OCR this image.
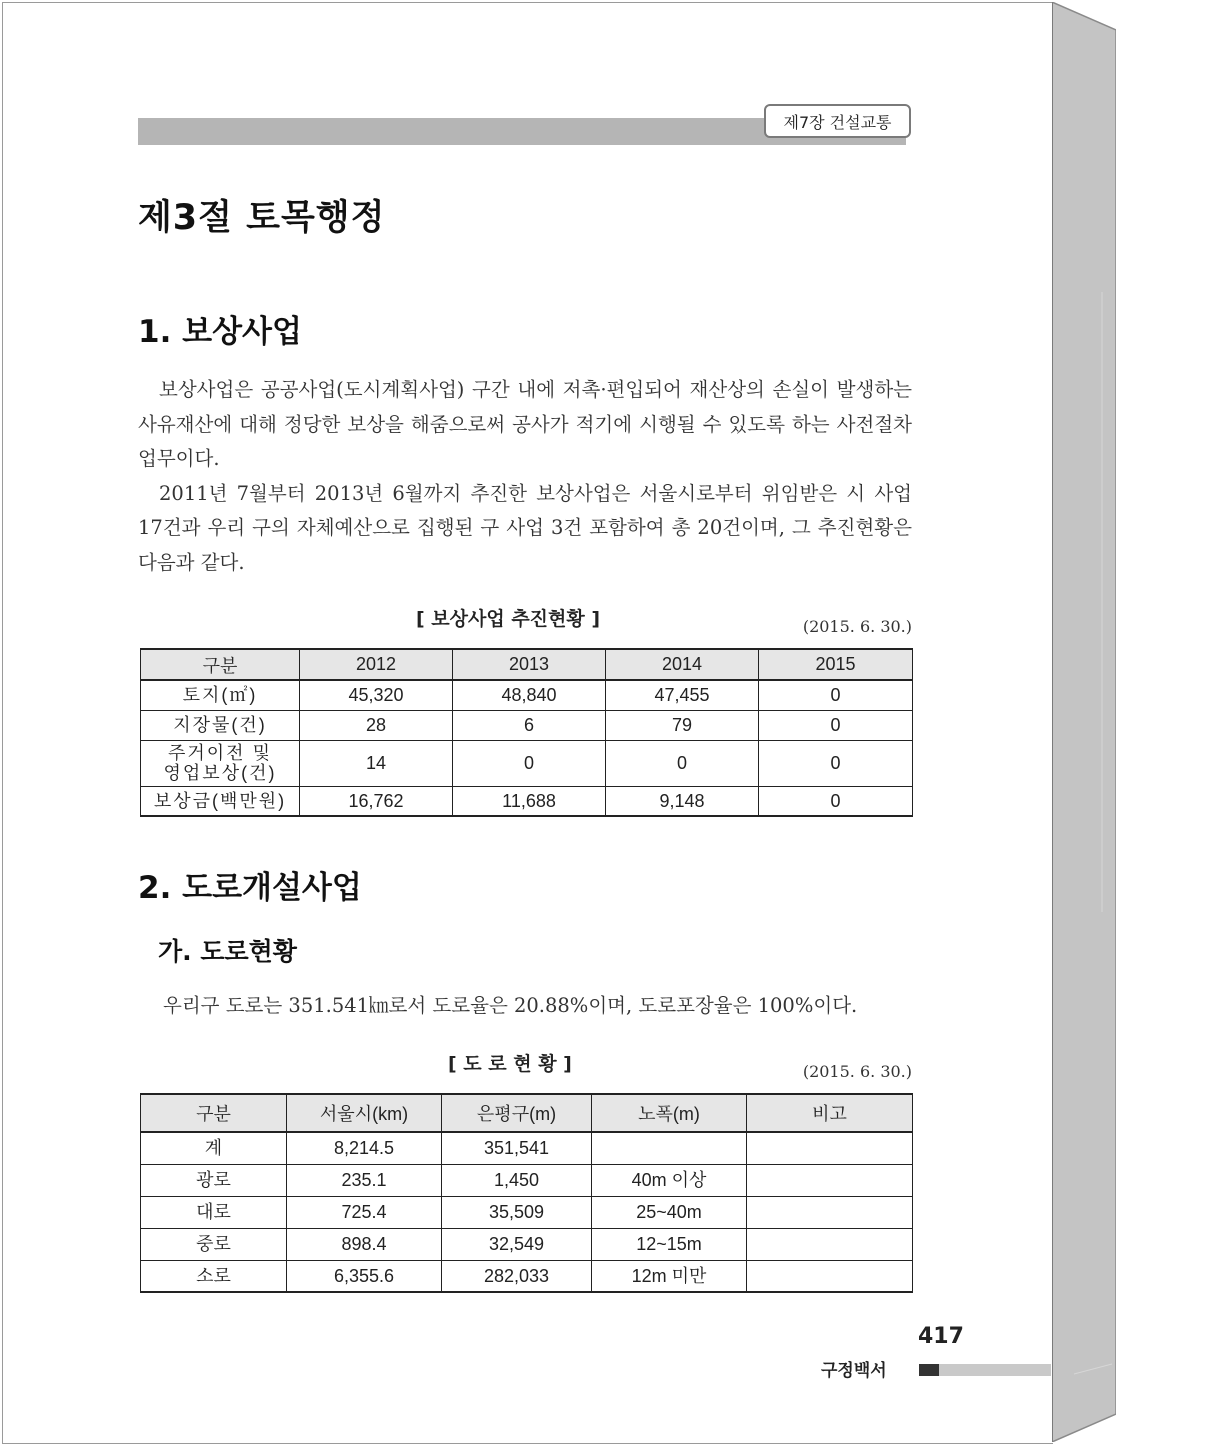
제7장 건설교통
제3절 토목행정
1. 보상사업

보상사업은 공공사업(도시계획사업) 구간 내에 저촉·편입되어 재산상의 손실이 발생하는 사유재산에 대해 정당한 보상을 해줌으로써 공사가 적기에 시행될 수 있도록 하는 사전절차 업무이다.

2011년 7월부터 2013년 6월까지 추진한 보상사업은 서울시로부터 위임받은 시 사업 17건과 우리 구의 자체예산으로 집행된 구 사업 3건 포함하여 총 20건이며, 그 추진현황은 다음과 같다.

[ 보상사업 추진현황 ]	(2015. 6. 30.)
구분	2012	2013	2014	2015
토지(㎡)	45,320	48,840	47,455	0
지장물(건)	28	6	79	0

주거이전 및
영업보상(건)	14	0	0	0
보상금(백만원)	16,762	11,688	9,148	0
2. 도로개설사업
가. 도로현황

우리구 도로는 351.541㎞로서 도로율은 20.88%이며, 도로포장율은 100%이다.

[ 도 로 현 황 ]	(2015. 6. 30.)
구분	서울시(km)	은평구(m)	노폭(m)	비고
계	8,214.5	351,541		
광로	235.1	1,450	40m 이상	
대로	725.4	35,509	25~40m	
중로	898.4	32,549	12~15m	
소로	6,355.6	282,033	12m 미만	
417
구정백서
